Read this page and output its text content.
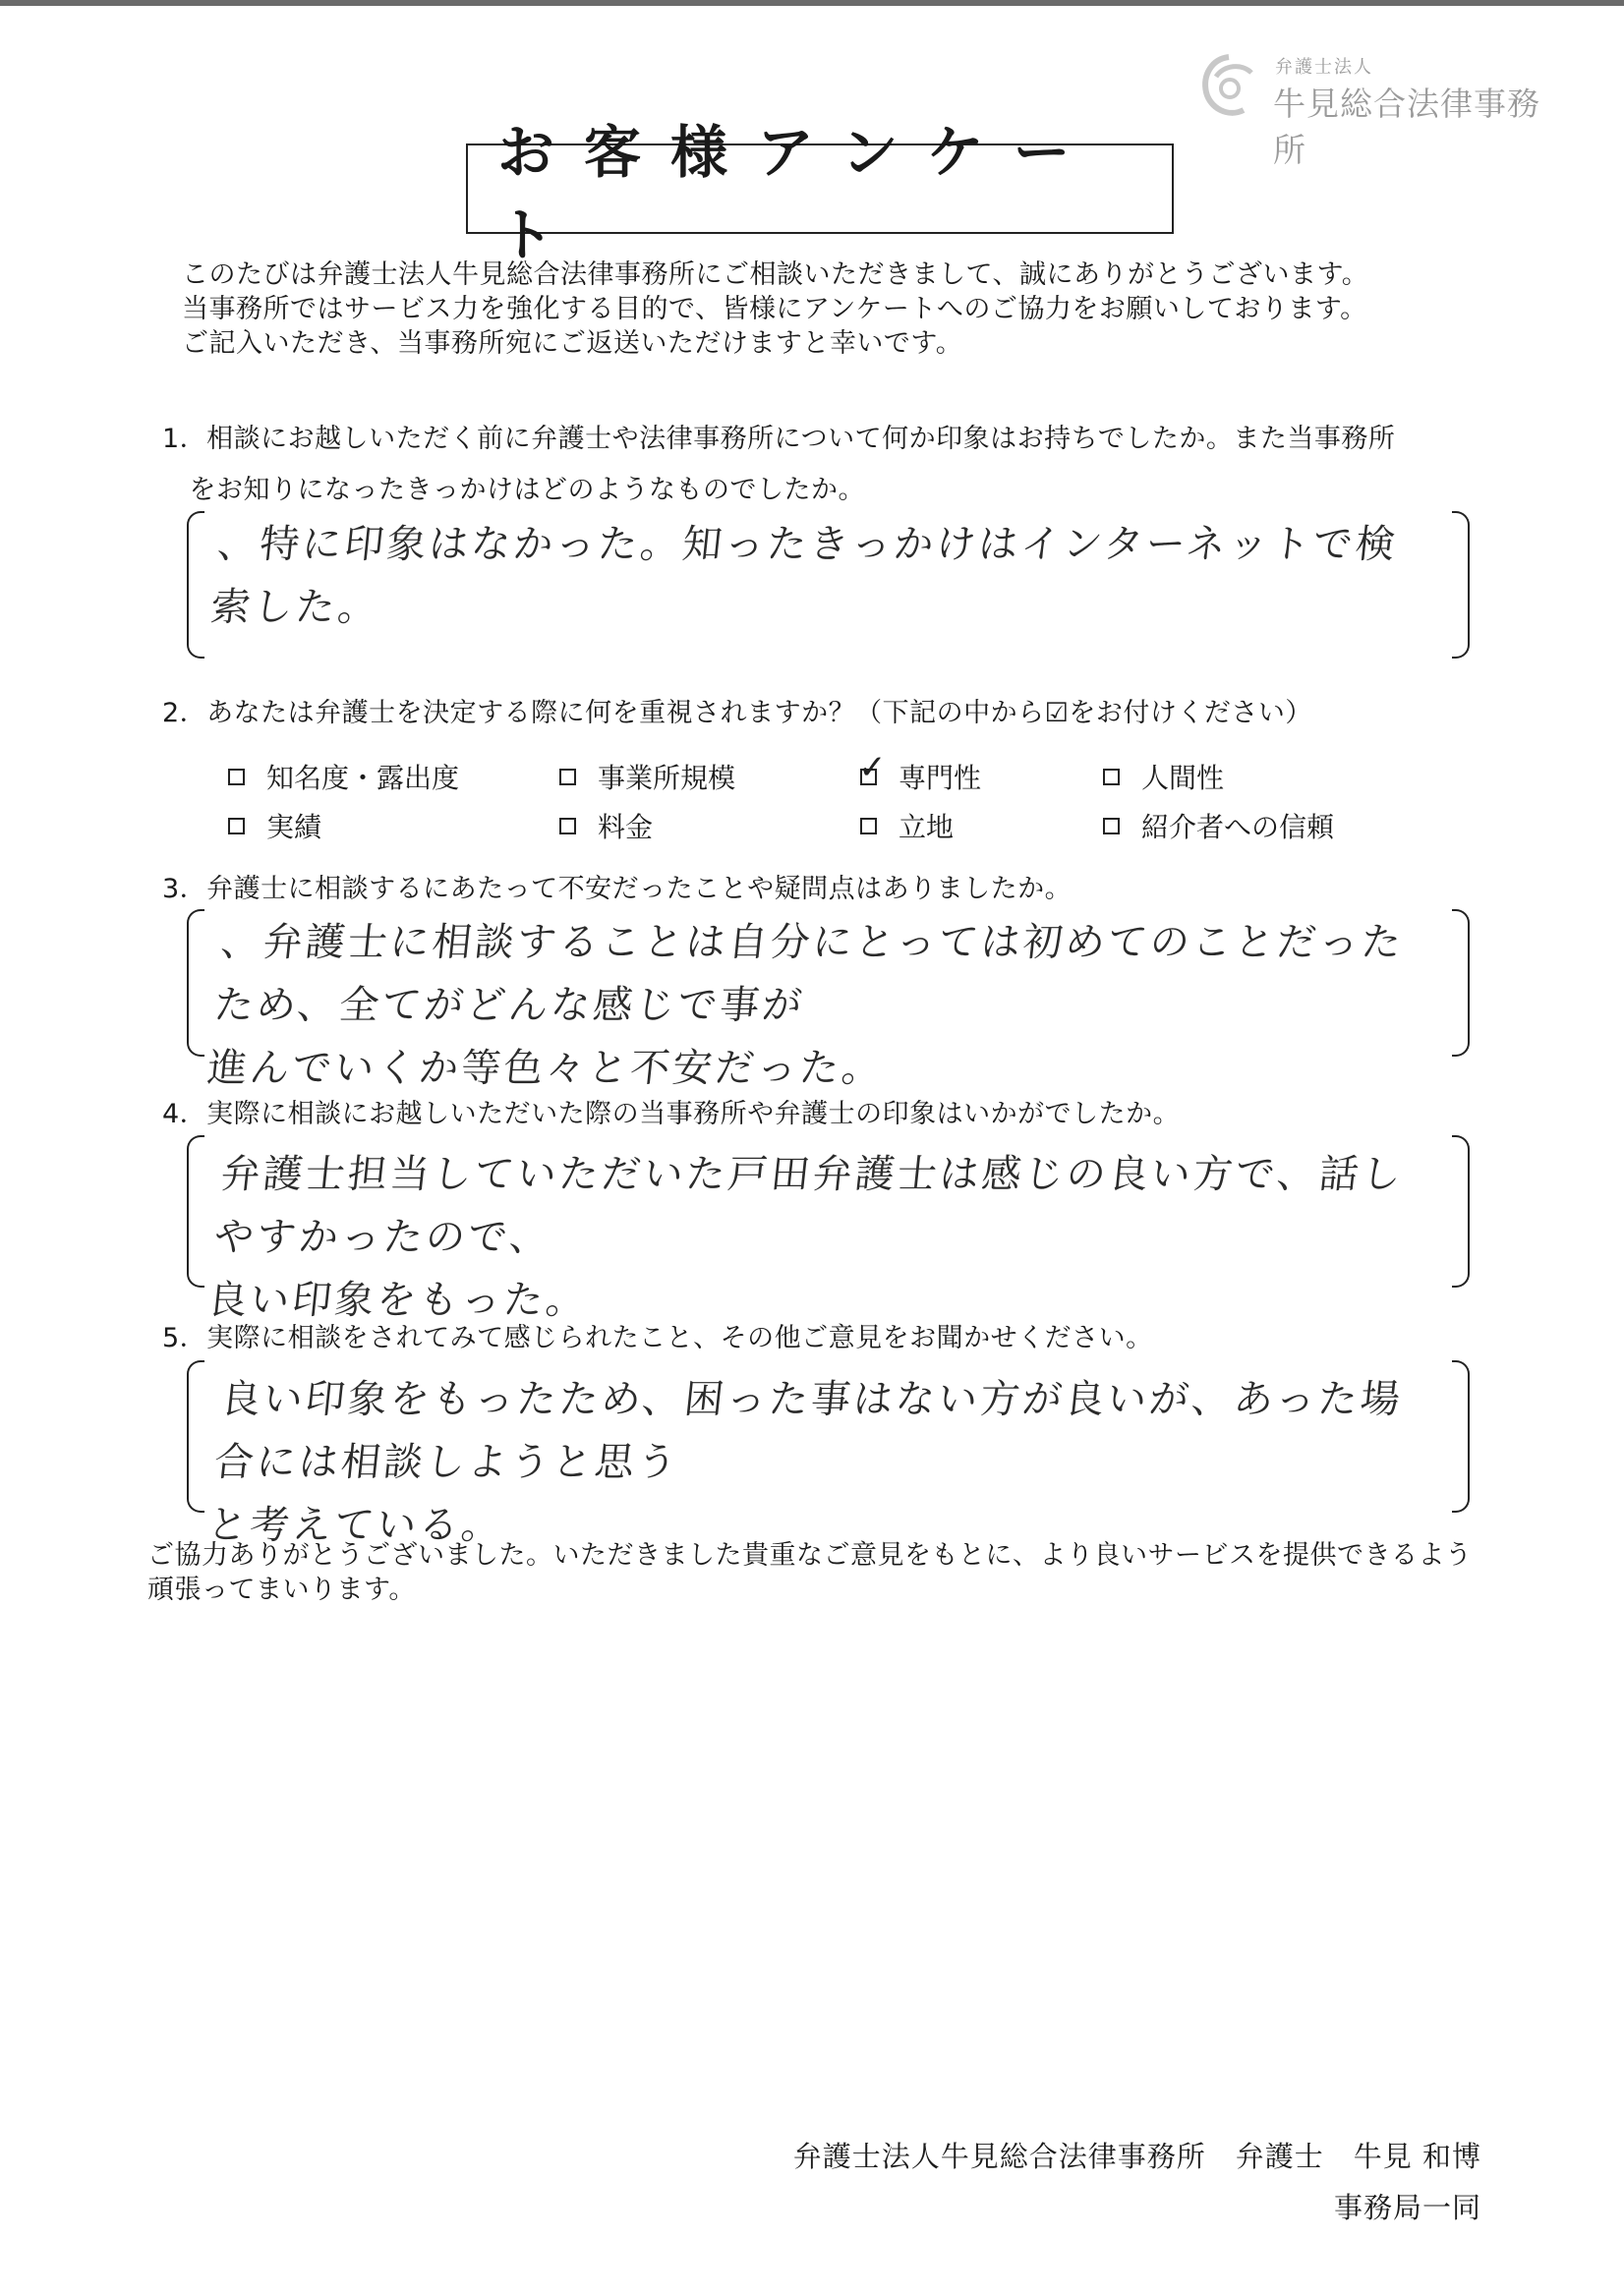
弁護士法人
牛見総合法律事務所
お客様アンケート
このたびは弁護士法人牛見総合法律事務所にご相談いただきまして、誠にありがとうございます。
当事務所ではサービス力を強化する目的で、皆様にアンケートへのご協力をお願いしております。
ご記入いただき、当事務所宛にご返送いただけますと幸いです。
1．相談にお越しいただく前に弁護士や法律事務所について何か印象はお持ちでしたか。また当事務所
　をお知りになったきっかけはどのようなものでしたか。
、特に印象はなかった。知ったきっかけはインターネットで検索した。
2．あなたは弁護士を決定する際に何を重視されますか？（下記の中から☑をお付けください）
知名度・露出度	事業所規模	✓ 専門性	人間性
実績	料金	立地	紹介者への信頼
3．弁護士に相談するにあたって不安だったことや疑問点はありましたか。
、弁護士に相談することは自分にとっては初めてのことだったため、全てがどんな感じで事が
進んでいくか等色々と不安だった。
4．実際に相談にお越しいただいた際の当事務所や弁護士の印象はいかがでしたか。
弁護士担当していただいた戸田弁護士は感じの良い方で、話しやすかったので、
良い印象をもった。
5．実際に相談をされてみて感じられたこと、その他ご意見をお聞かせください。
良い印象をもったため、困った事はない方が良いが、あった場合には相談しようと思う
と考えている。
ご協力ありがとうございました。いただきました貴重なご意見をもとに、より良いサービスを提供できるよう
頑張ってまいります。
弁護士法人牛見総合法律事務所　弁護士　牛見 和博
事務局一同
